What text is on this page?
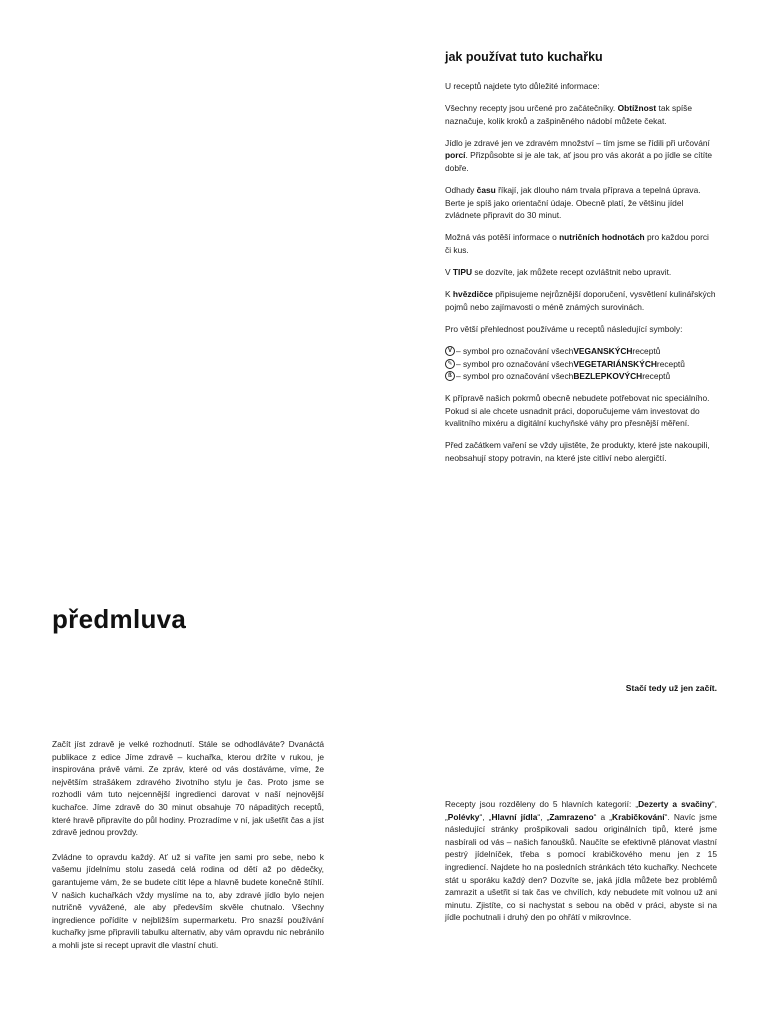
jak používat tuto kuchařku

U receptů najdete tyto důležité informace:

Všechny recepty jsou určené pro začátečníky. Obtížnost tak spíše naznačuje, kolik kroků a zašpiněného nádobí můžete čekat.

Jídlo je zdravé jen ve zdravém množství – tím jsme se řídili při určování porcí. Přizpůsobte si je ale tak, ať jsou pro vás akorát a po jídle se cítíte dobře.

Odhady času říkají, jak dlouho nám trvala příprava a tepelná úprava. Berte je spíš jako orientační údaje. Obecně platí, že většinu jídel zvládnete připravit do 30 minut.

Možná vás potěší informace o nutričních hodnotách pro každou porci či kus.

V TIPU se dozvíte, jak můžete recept ozvláštnit nebo upravit.

K hvězdičce připisujeme nejrůznější doporučení, vysvětlení kulinářských pojmů nebo zajímavosti o méně známých surovinách.

Pro větší přehlednost používáme u receptů následující symboly:

V – symbol pro označování všech VEGANSKÝCH receptů
✎ – symbol pro označování všech VEGETARIÁNSKÝCH receptů
ß – symbol pro označování všech BEZLEPKOVÝCH receptů

K přípravě našich pokrmů obecně nebudete potřebovat nic speciálního. Pokud si ale chcete usnadnit práci, doporučujeme vám investovat do kvalitního mixéru a digitální kuchyňské váhy pro přesnější měření.

Před začátkem vaření se vždy ujistěte, že produkty, které jste nakoupili, neobsahují stopy potravin, na které jste citliví nebo alergičtí.

předmluva

Stačí tedy už jen začít.

Začít jíst zdravě je velké rozhodnutí. Stále se odhodláváte? Dvanáctá publikace z edice Jíme zdravě – kuchařka, kterou držíte v rukou, je inspirována právě vámi. Ze zpráv, které od vás dostáváme, víme, že největším strašákem zdravého životního stylu je čas. Proto jsme se rozhodli vám tuto nejcennější ingredienci darovat v naší nejnovější kuchařce. Jíme zdravě do 30 minut obsahuje 70 nápaditých receptů, které hravě připravíte do půl hodiny. Prozradíme v ní, jak ušetřit čas a jíst zdravě jednou provždy.

Zvládne to opravdu každý. Ať už si vaříte jen sami pro sebe, nebo k vašemu jídelnímu stolu zasedá celá rodina od dětí až po dědečky, garantujeme vám, že se budete cítit lépe a hlavně budete konečně štíhlí. V našich kuchařkách vždy myslíme na to, aby zdravé jídlo bylo nejen nutričně vyvážené, ale aby především skvěle chutnalo. Všechny ingredience pořídíte v nejbližším supermarketu. Pro snazší používání kuchařky jsme připravili tabulku alternativ, aby vám opravdu nic nebránilo a mohli jste si recept upravit dle vlastní chuti.

Recepty jsou rozděleny do 5 hlavních kategorií: „Dezerty a svačiny“, „Polévky“, „Hlavní jídla“, „Zamrazeno“ a „Krabičkování“. Navíc jsme následující stránky prošpikovali sadou originálních tipů, které jsme nasbírali od vás – našich fanoušků. Naučíte se efektivně plánovat vlastní pestrý jídelníček, třeba s pomocí krabičkového menu jen z 15 ingrediencí. Najdete ho na posledních stránkách této kuchařky. Nechcete stát u sporáku každý den? Dozvíte se, jaká jídla můžete bez problémů zamrazit a ušetřit si tak čas ve chvílích, kdy nebudete mít volnou už ani minutu. Zjistíte, co si nachystat s sebou na oběd v práci, abyste si na jídle pochutnali i druhý den po ohřátí v mikrovlnce.
